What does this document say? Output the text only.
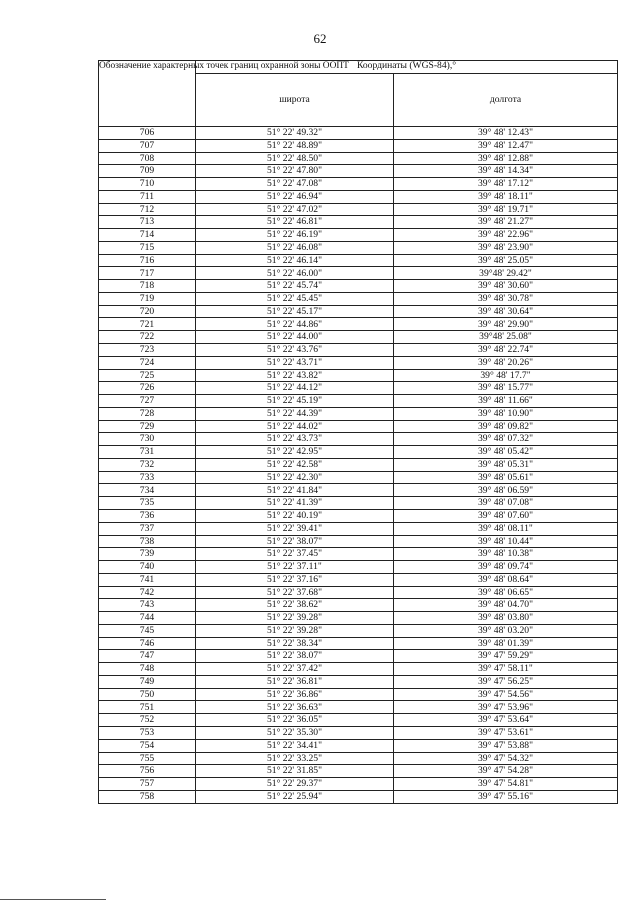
62
Обозначение характерных точек границ охранной зоны ООПТ	Координаты (WGS-84),°	
	широта	долгота
706	51° 22' 49.32"	39° 48' 12.43"
707	51° 22' 48.89"	39° 48' 12.47"
708	51° 22' 48.50"	39° 48' 12.88"
709	51° 22' 47.80"	39° 48' 14.34"
710	51° 22' 47.08"	39° 48' 17.12"
711	51° 22' 46.94"	39° 48' 18.11"
712	51° 22' 47.02"	39° 48' 19.71"
713	51° 22' 46.81"	39° 48' 21.27"
714	51° 22' 46.19"	39° 48' 22.96"
715	51° 22' 46.08"	39° 48' 23.90"
716	51° 22' 46.14"	39° 48' 25.05"
717	51° 22' 46.00"	39°48' 29.42"
718	51° 22' 45.74"	39° 48' 30.60"
719	51° 22' 45.45"	39° 48' 30.78"
720	51° 22' 45.17"	39° 48' 30.64"
721	51° 22' 44.86"	39° 48' 29.90"
722	51° 22' 44.00"	39°48' 25.08"
723	51° 22' 43.76"	39° 48' 22.74"
724	51° 22' 43.71"	39° 48' 20.26"
725	51° 22' 43.82"	39° 48' 17.7"
726	51° 22' 44.12"	39° 48' 15.77"
727	51° 22' 45.19"	39° 48' 11.66"
728	51° 22' 44.39"	39° 48' 10.90"
729	51° 22' 44.02"	39° 48' 09.82"
730	51° 22' 43.73"	39° 48' 07.32"
731	51° 22' 42.95"	39° 48' 05.42"
732	51° 22' 42.58"	39° 48' 05.31"
733	51° 22' 42.30"	39° 48' 05.61"
734	51° 22' 41.84"	39° 48' 06.59"
735	51° 22' 41.39"	39° 48' 07.08"
736	51° 22' 40.19"	39° 48' 07.60"
737	51° 22' 39.41"	39° 48' 08.11"
738	51° 22' 38.07"	39° 48' 10.44"
739	51° 22' 37.45"	39° 48' 10.38"
740	51° 22' 37.11"	39° 48' 09.74"
741	51° 22' 37.16"	39° 48' 08.64"
742	51° 22' 37.68"	39° 48' 06.65"
743	51° 22' 38.62"	39° 48' 04.70"
744	51° 22' 39.28"	39° 48' 03.80"
745	51° 22' 39.28"	39° 48' 03.20"
746	51° 22' 38.34"	39° 48' 01.39"
747	51° 22' 38.07"	39° 47' 59.29"
748	51° 22' 37.42"	39° 47' 58.11"
749	51° 22' 36.81"	39° 47' 56.25"
750	51° 22' 36.86"	39° 47' 54.56"
751	51° 22' 36.63"	39° 47' 53.96"
752	51° 22' 36.05"	39° 47' 53.64"
753	51° 22' 35.30"	39° 47' 53.61"
754	51° 22' 34.41"	39° 47' 53.88"
755	51° 22' 33.25"	39° 47' 54.32"
756	51° 22' 31.85"	39° 47' 54.28"
757	51° 22' 29.37"	39° 47' 54.81"
758	51° 22' 25.94"	39° 47' 55.16"
